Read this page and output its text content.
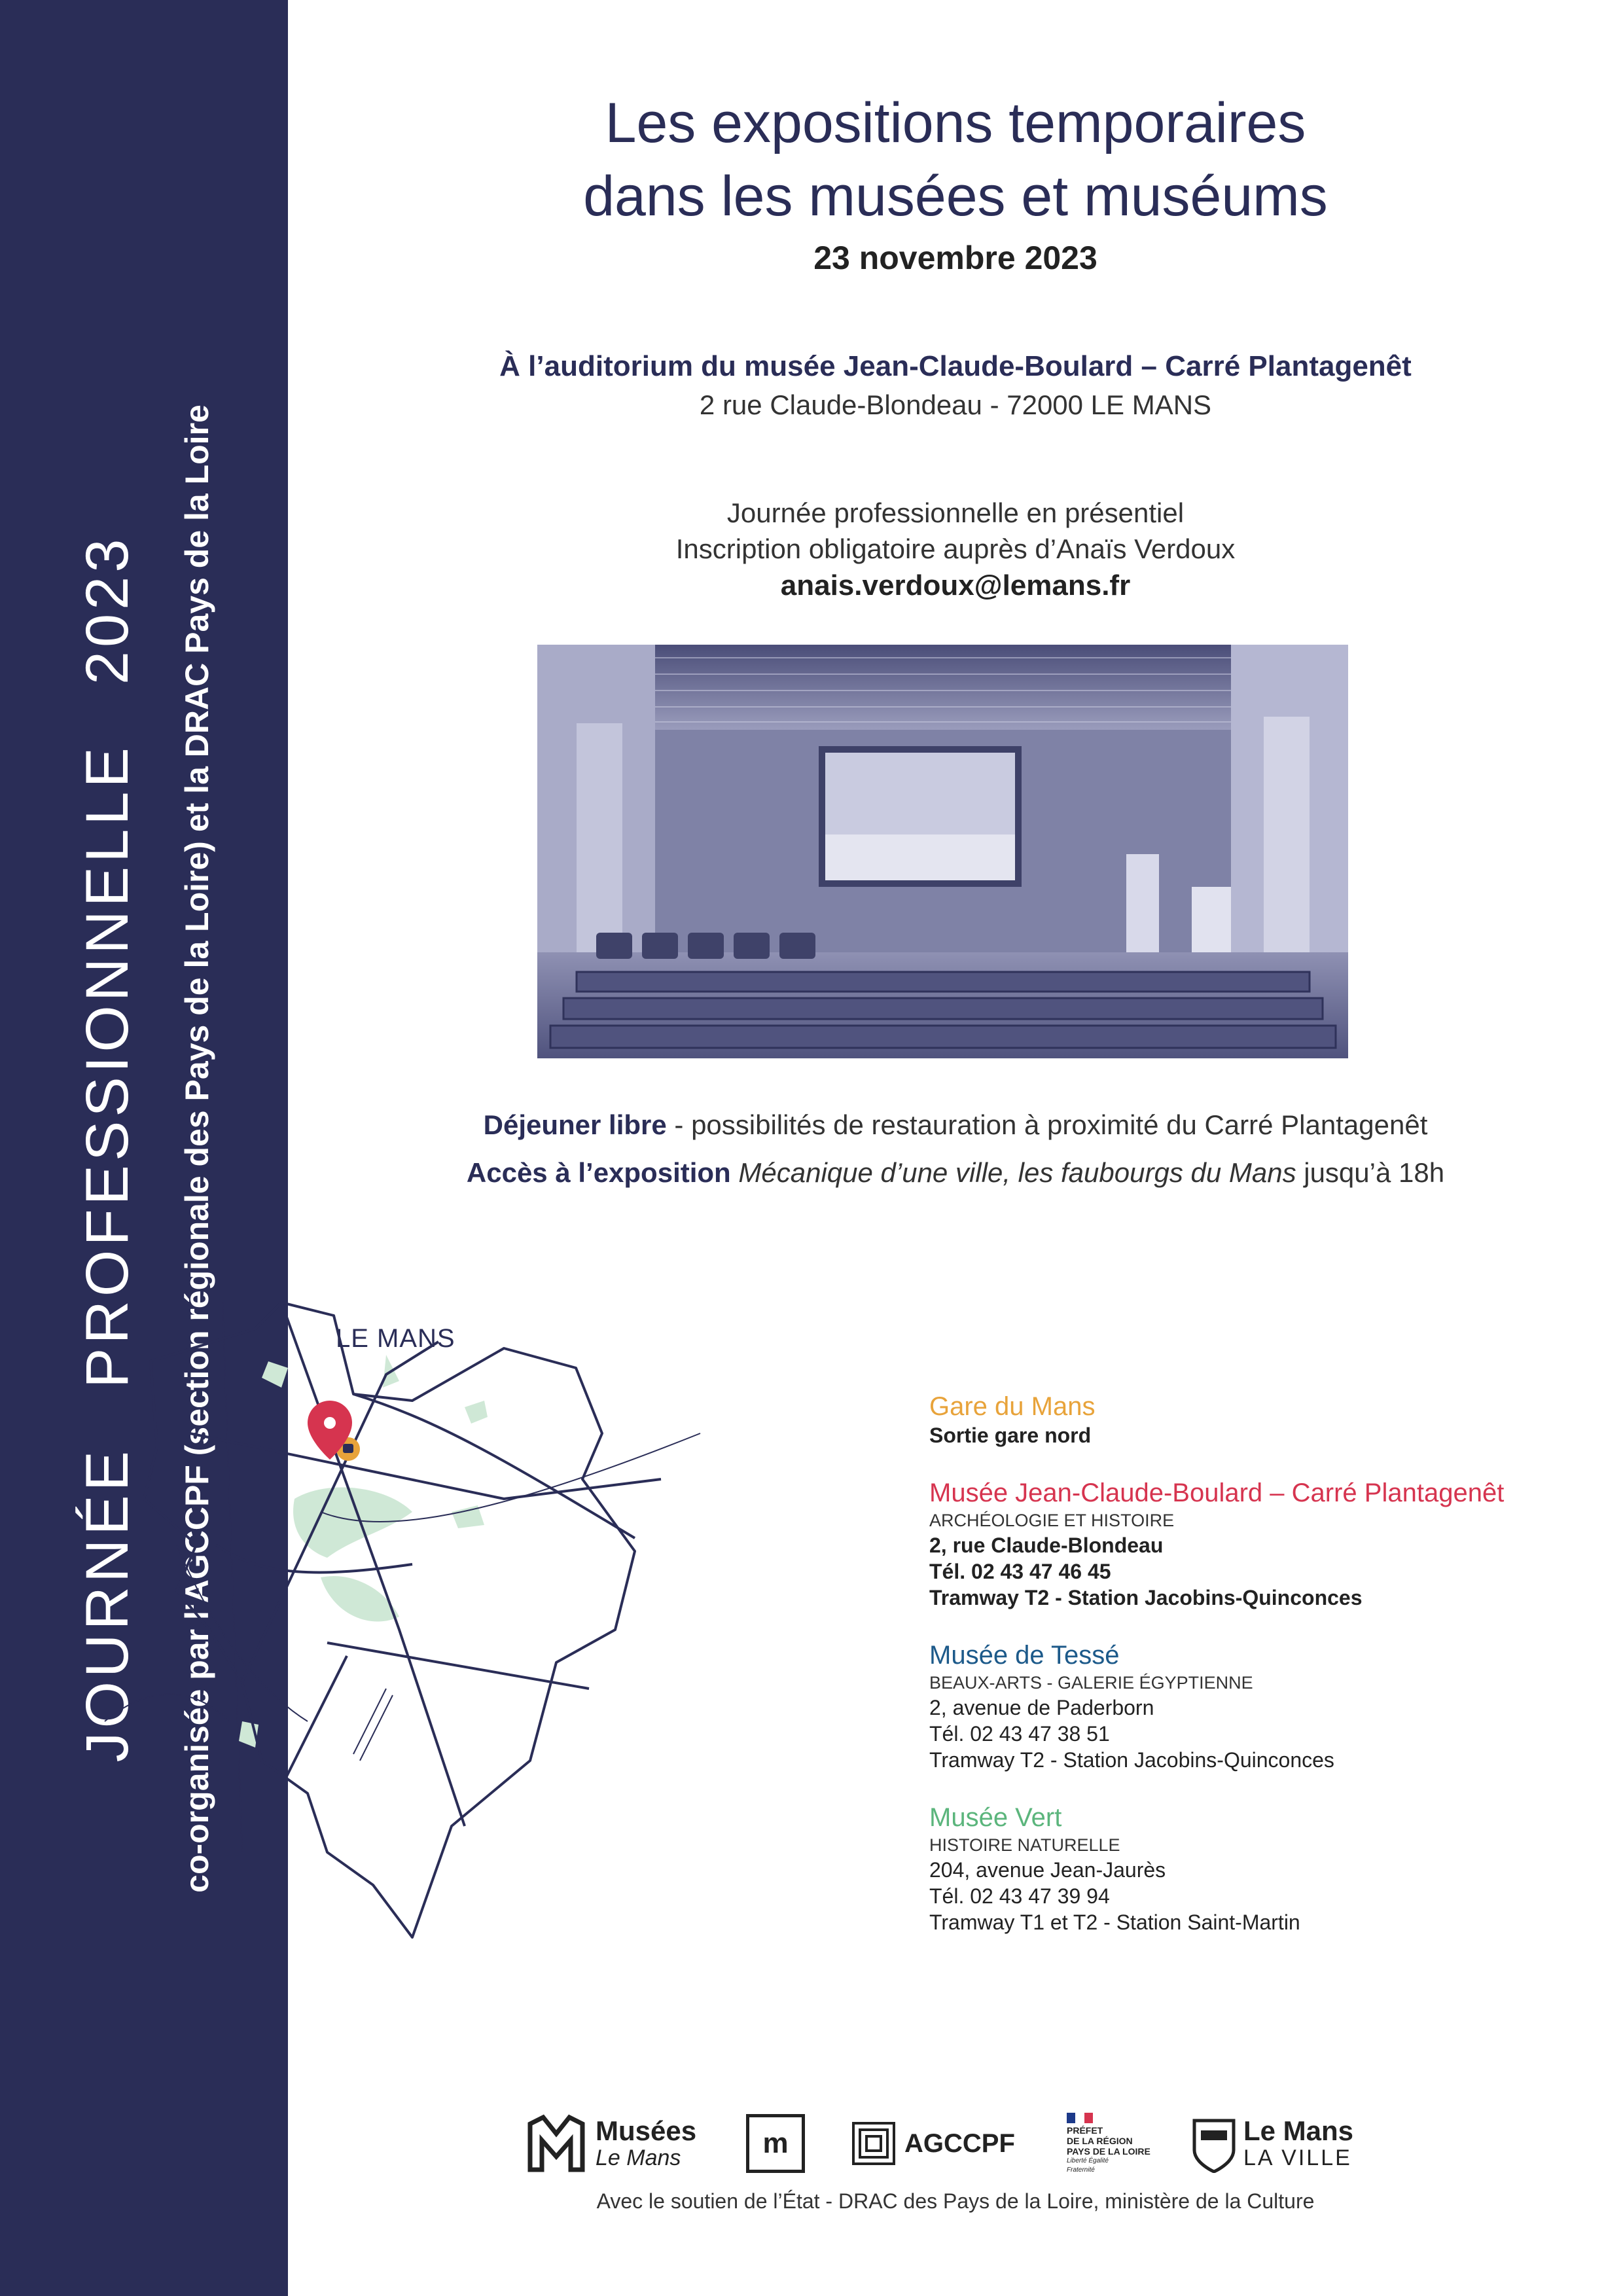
JOURNÉEPROFESSIONNELLE2023 co-organisée par l'AGCCPF (section régionale des Pays de la Loire) et la DRAC Pays de la Loire
Les expositions temporaires
dans les musées et muséums
23 novembre 2023
À l’auditorium du musée Jean-Claude-Boulard – Carré Plantagenêt
2 rue Claude-Blondeau - 72000 LE MANS
Journée professionnelle en présentiel
Inscription obligatoire auprès d’Anaïs Verdoux
anais.verdoux@lemans.fr
Déjeuner libre - possibilités de restauration à proximité du Carré Plantagenêt
Accès à l’exposition Mécanique d’une ville, les faubourgs du Mans jusqu’à 18h
LE MANS
Gare du Mans
Sortie gare nord
Musée Jean-Claude-Boulard – Carré Plantagenêt
ARCHÉOLOGIE ET HISTOIRE
2, rue Claude-Blondeau
Tél. 02 43 47 46 45
Tramway T2 - Station Jacobins-Quinconces
Musée de Tessé
BEAUX-ARTS - GALERIE ÉGYPTIENNE
2, avenue de Paderborn
Tél. 02 43 47 38 51
Tramway T2 - Station Jacobins-Quinconces
Musée Vert
HISTOIRE NATURELLE
204, avenue Jean-Jaurès
Tél. 02 43 47 39 94
Tramway T1 et T2 - Station Saint-Martin
Musées
Le Mans	m	AGCCPF	PRÉFET
DE LA RÉGION
PAYS DE LA LOIRE
Liberté Égalité Fraternité
Le Mans
LA VILLE
Avec le soutien de l’État - DRAC des Pays de la Loire, ministère de la Culture
